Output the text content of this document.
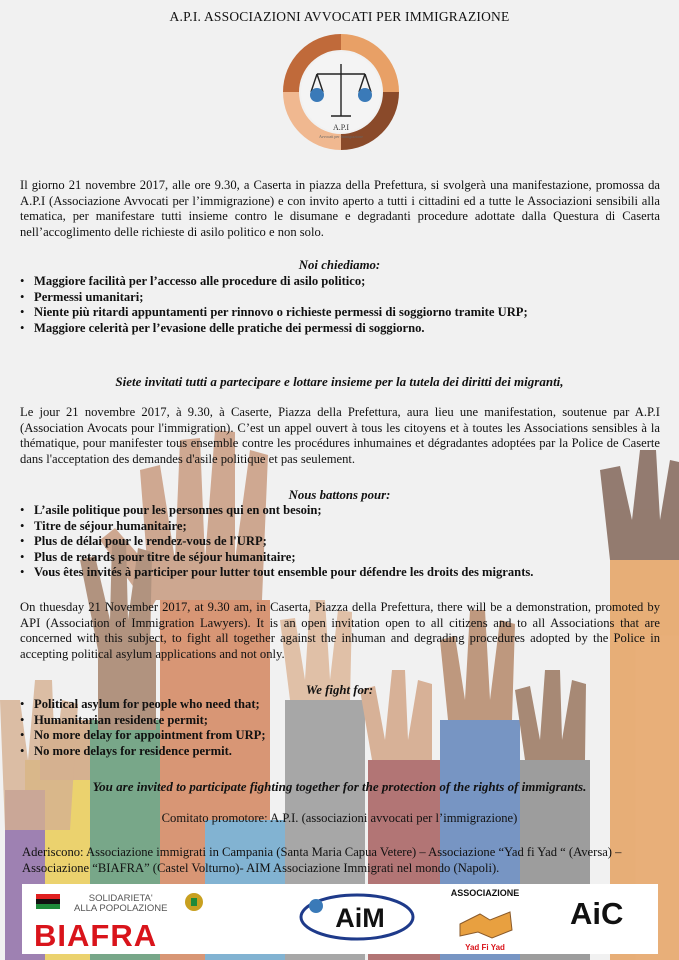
A.P.I. ASSOCIAZIONI AVVOCATI PER IMMIGRAZIONE
A.P.I
Avvocati per Immigrazione
Il giorno 21 novembre 2017, alle ore 9.30, a Caserta in piazza della Prefettura, si svolgerà una manifestazione, promossa da A.P.I (Associazione Avvocati per l’immigrazione) e con invito aperto a tutti i cittadini ed a tutte le Associazioni sensibili alla tematica, per manifestare tutti insieme contro le disumane e degradanti procedure adottate dalla Questura di Caserta nell’accoglimento delle richieste di asilo politico e non solo.
Noi chiediamo:
• Maggiore facilità per l’accesso alle procedure di asilo politico;
• Permessi umanitari;
• Niente più ritardi appuntamenti per rinnovo o richieste permessi di soggiorno tramite URP;
• Maggiore celerità per l’evasione delle pratiche dei permessi di soggiorno.
Siete invitati tutti a partecipare e lottare insieme per la tutela dei diritti dei migranti,
Le jour 21 novembre 2017, à 9.30, à Caserte, Piazza della Prefettura, aura lieu une manifestation, soutenue par A.P.I (Association Avocats pour l'immigration). C’est un appel ouvert à tous les citoyens et à toutes les Associations sensibles à la thématique, pour manifester tous ensemble contre les procédures inhumaines et dégradantes adoptées par la Police de Caserte dans l'acceptation des demandes d'asile politique et pas seulement.
Nous battons pour:
• L’asile politique pour les personnes qui en ont besoin;
• Titre de séjour humanitaire;
• Plus de délai pour le rendez-vous de l'URP;
• Plus de retards pour titre de séjour humanitaire;
• Vous êtes invités à participer pour lutter tout ensemble pour défendre les droits des migrants.
On thuesday 21 November 2017, at 9.30 am, in Caserta, Piazza della Prefettura, there will be a demonstration, promoted by API (Association of Immigration Lawyers). It is an open invitation open to all citizens and to all Associations that are concerned with this subject, to fight all together against the inhuman and degrading procedures adopted by the Police in accepting political asylum applications and not only.
We fight for:
• Political asylum for people who need that;
• Humanitarian residence permit;
• No more delay for appointment from URP;
• No more delays for residence permit.
You are invited to participate fighting together for the protection of the rights of immigrants.
Comitato promotore: A.P.I. (associazioni avvocati per l’immigrazione)
Aderiscono: Associazione immigrati in Campania (Santa Maria Capua Vetere) – Associazione “Yad fi Yad “ (Aversa) – Associazione “BIAFRA” (Castel Volturno)- AIM Associazione Immigrati nel mondo (Napoli).
SOLIDARIETA'
ALLA POPOLAZIONE
BIAFRA	AiM
ASSOCIAZIONE
Yad Fi Yad
AiC
